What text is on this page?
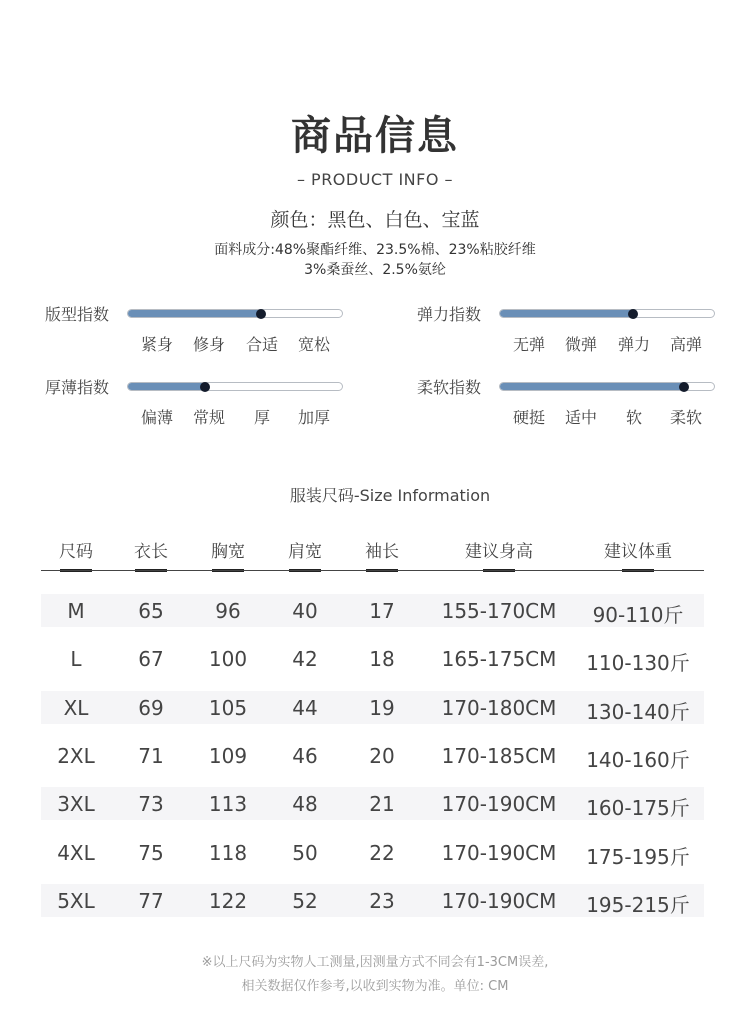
商品信息
– PRODUCT INFO –
颜色：黑色、白色、宝蓝
面料成分:48%聚酯纤维、23.5%棉、23%粘胶纤维
3%桑蚕丝、2.5%氨纶
版型指数
紧身 修身 合适 宽松
弹力指数
无弹 微弹 弹力 高弹
厚薄指数
偏薄 常规 厚 加厚
柔软指数
硬挺 适中 软 柔软
服装尺码-Size Information
尺码 衣长	胸宽	肩宽	袖长	建议身高	建议体重
M	65	96	40	17 155-170CM 90-110斤
L	67 100 42	18 165-175CM 110-130斤
XL 69 105 44	19 170-180CM 130-140斤
2XL 71 109 46	20 170-185CM 140-160斤
3XL 73 113 48	21 170-190CM 160-175斤
4XL 75 118 50	22 170-190CM 175-195斤
5XL 77 122 52	23 170-190CM 195-215斤
※以上尺码为实物人工测量,因测量方式不同会有1-3CM误差,
相关数据仅作参考,以收到实物为准。单位: CM
